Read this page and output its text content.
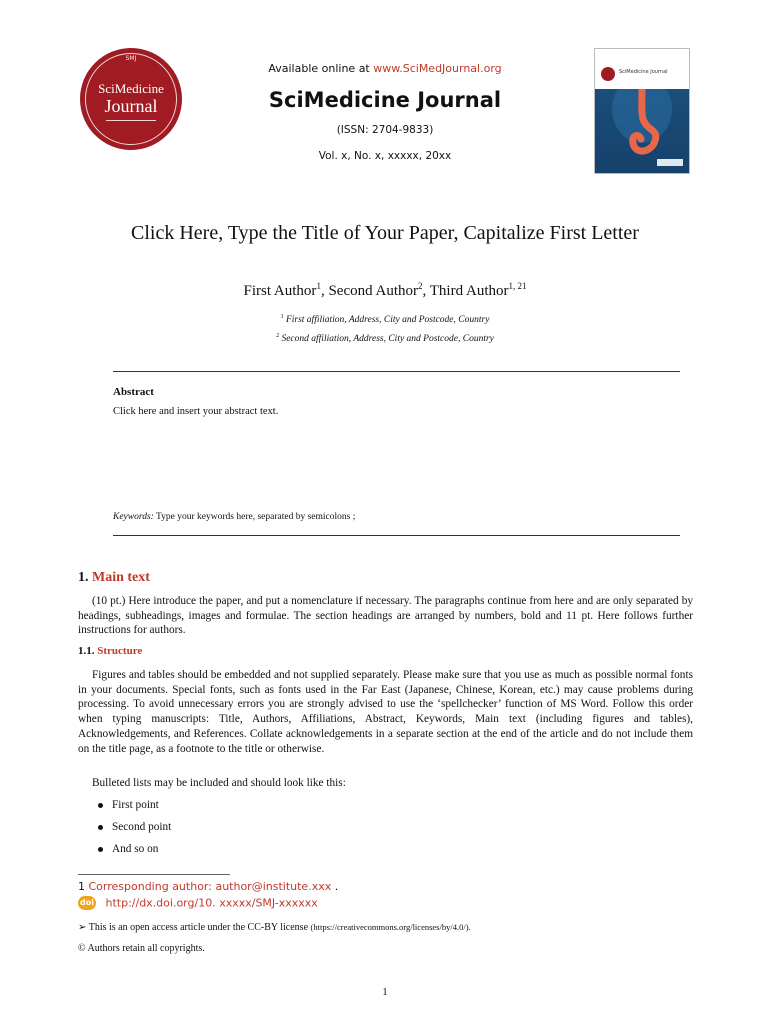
SMJ
SciMedicine
Journal
Available online at www.SciMedJournal.org
SciMedicine Journal
(ISSN: 2704-9833)
Vol. x, No. x, xxxxx, 20xx
SciMedicine Journal
Click Here, Type the Title of Your Paper, Capitalize First Letter
First Author$^1$, Second Author$^2$, Third Author$^{1, 21}$
$^1$ First affiliation, Address, City and Postcode, Country
$^2$ Second affiliation, Address, City and Postcode, Country
Abstract
Click here and insert your abstract text.
Keywords: Type your keywords here, separated by semicolons ;
1. Main text
(10 pt.) Here introduce the paper, and put a nomenclature if necessary. The paragraphs continue from here and are only separated by headings, subheadings, images and formulae. The section headings are arranged by numbers, bold and 11 pt. Here follows further instructions for authors.
1.1. Structure
Figures and tables should be embedded and not supplied separately. Please make sure that you use as much as possible normal fonts in your documents. Special fonts, such as fonts used in the Far East (Japanese, Chinese, Korean, etc.) may cause problems during processing. To avoid unnecessary errors you are strongly advised to use the ‘spellchecker’ function of MS Word. Follow this order when typing manuscripts: Title, Authors, Affiliations, Abstract, Keywords, Main text (including figures and tables), Acknowledgements, and References. Collate acknowledgements in a separate section at the end of the article and do not include them on the title page, as a footnote to the title or otherwise.
Bulleted lists may be included and should look like this:
First point
Second point
And so on
1 Corresponding author: author@institute.xxx .
doi http://dx.doi.org/10. xxxxx/SMJ-xxxxxx
➢ This is an open access article under the CC-BY license (https://creativecommons.org/licenses/by/4.0/).
© Authors retain all copyrights.
1
